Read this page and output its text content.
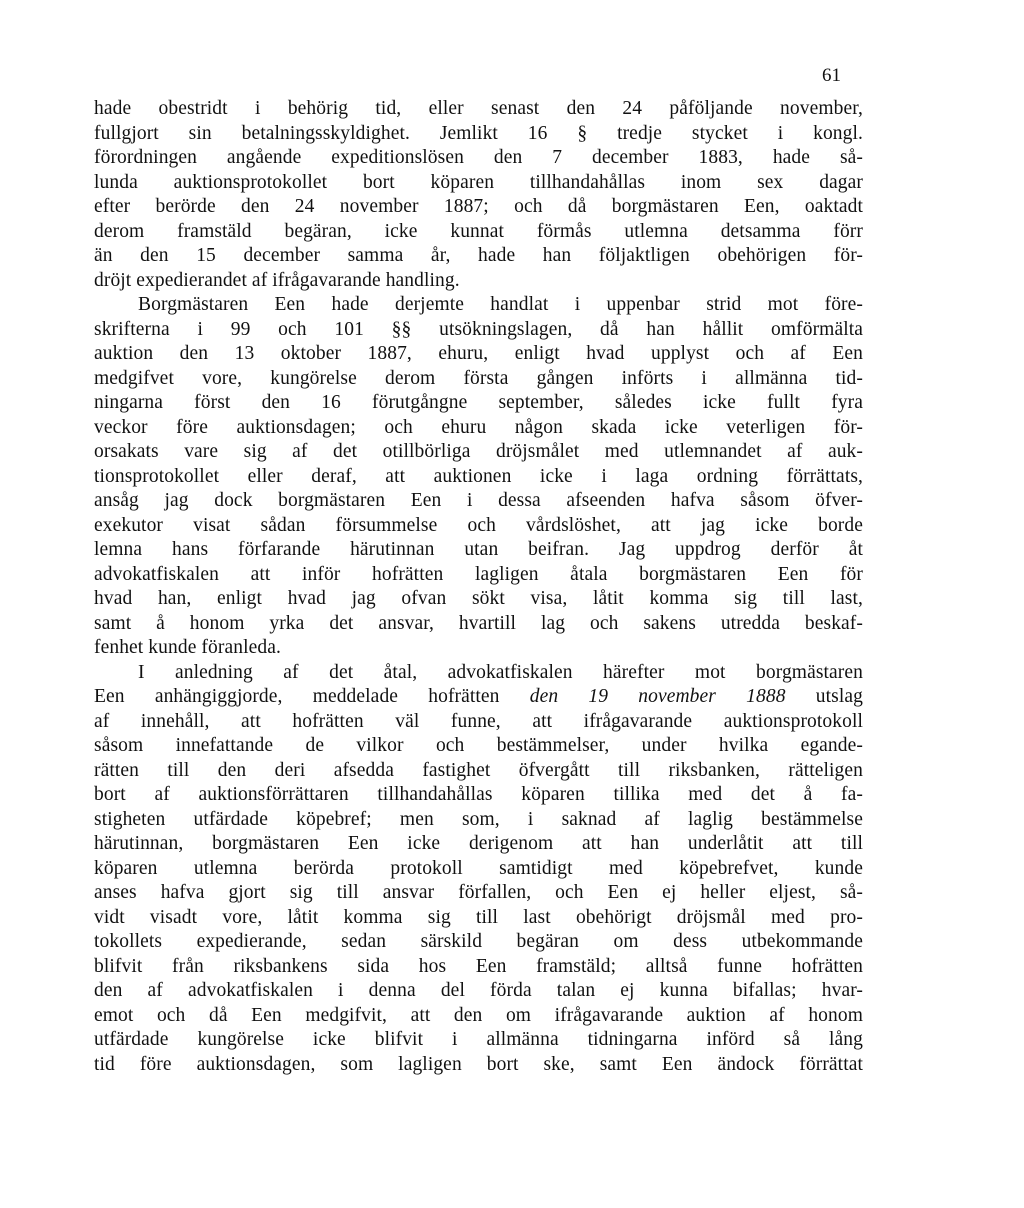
61
hade obestridt i behörig tid, eller senast den 24 påföljande november,
fullgjort sin betalningsskyldighet. Jemlikt 16 § tredje stycket i kongl.
förordningen angående expeditionslösen den 7 december 1883, hade så-
lunda auktionsprotokollet bort köparen tillhandahållas inom sex dagar
efter berörde den 24 november 1887; och då borgmästaren Een, oaktadt
derom framstäld begäran, icke kunnat förmås utlemna detsamma förr
än den 15 december samma år, hade han följaktligen obehörigen för-
dröjt expedierandet af ifrågavarande handling.
Borgmästaren Een hade derjemte handlat i uppenbar strid mot före-
skrifterna i 99 och 101 §§ utsökningslagen, då han hållit omförmälta
auktion den 13 oktober 1887, ehuru, enligt hvad upplyst och af Een
medgifvet vore, kungörelse derom första gången införts i allmänna tid-
ningarna först den 16 förutgångne september, således icke fullt fyra
veckor före auktionsdagen; och ehuru någon skada icke veterligen för-
orsakats vare sig af det otillbörliga dröjsmålet med utlemnandet af auk-
tionsprotokollet eller deraf, att auktionen icke i laga ordning förrättats,
ansåg jag dock borgmästaren Een i dessa afseenden hafva såsom öfver-
exekutor visat sådan försummelse och vårdslöshet, att jag icke borde
lemna hans förfarande härutinnan utan beifran. Jag uppdrog derför åt
advokatfiskalen att inför hofrätten lagligen åtala borgmästaren Een för
hvad han, enligt hvad jag ofvan sökt visa, låtit komma sig till last,
samt å honom yrka det ansvar, hvartill lag och sakens utredda beskaf-
fenhet kunde föranleda.
I anledning af det åtal, advokatfiskalen härefter mot borgmästaren
Een anhängiggjorde, meddelade hofrätten den 19 november 1888 utslag
af innehåll, att hofrätten väl funne, att ifrågavarande auktionsprotokoll
såsom innefattande de vilkor och bestämmelser, under hvilka egande-
rätten till den deri afsedda fastighet öfvergått till riksbanken, rätteligen
bort af auktionsförrättaren tillhandahållas köparen tillika med det å fa-
stigheten utfärdade köpebref; men som, i saknad af laglig bestämmelse
härutinnan, borgmästaren Een icke derigenom att han underlåtit att till
köparen utlemna berörda protokoll samtidigt med köpebrefvet, kunde
anses hafva gjort sig till ansvar förfallen, och Een ej heller eljest, så-
vidt visadt vore, låtit komma sig till last obehörigt dröjsmål med pro-
tokollets expedierande, sedan särskild begäran om dess utbekommande
blifvit från riksbankens sida hos Een framstäld; alltså funne hofrätten
den af advokatfiskalen i denna del förda talan ej kunna bifallas; hvar-
emot och då Een medgifvit, att den om ifrågavarande auktion af honom
utfärdade kungörelse icke blifvit i allmänna tidningarna införd så lång
tid före auktionsdagen, som lagligen bort ske, samt Een ändock förrättat
